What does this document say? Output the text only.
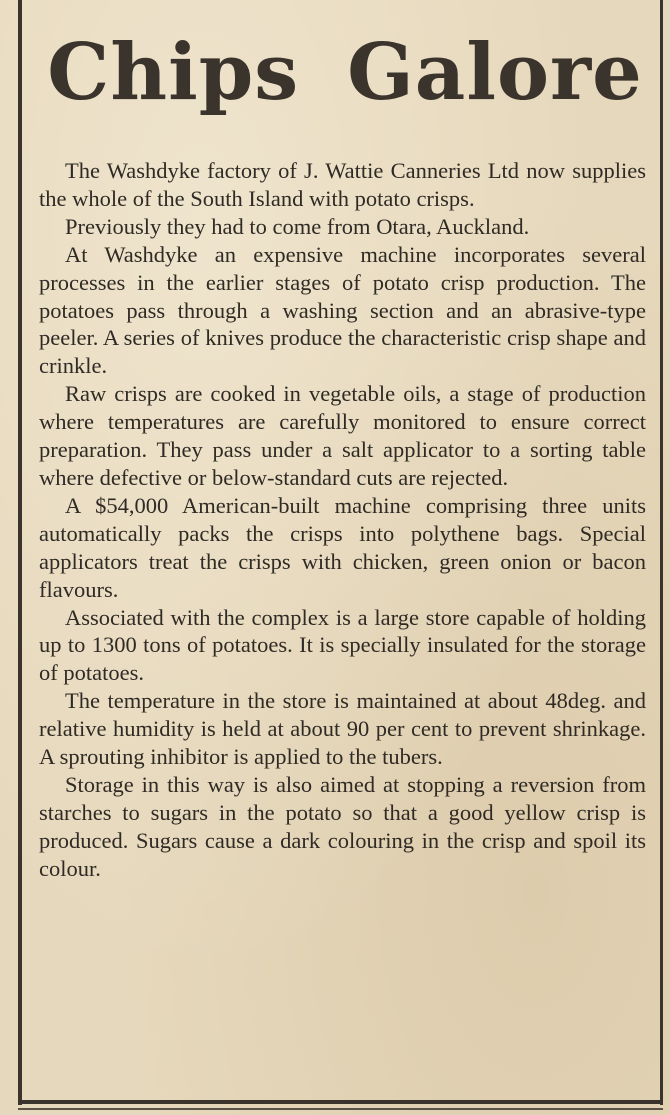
Chips Galore

The Washdyke factory of J. Wattie Canneries Ltd now supplies the whole of the South Island with potato crisps.

Previously they had to come from Otara, Auckland.

At Washdyke an expensive machine incorporates several processes in the earlier stages of potato crisp production. The potatoes pass through a washing section and an abrasive-type peeler. A series of knives produce the characteristic crisp shape and crinkle.

Raw crisps are cooked in vegetable oils, a stage of production where temperatures are carefully monitored to ensure correct preparation. They pass under a salt applicator to a sorting table where defective or below-standard cuts are rejected.

A $54,000 American-built machine comprising three units automatically packs the crisps into polythene bags. Special applicators treat the crisps with chicken, green onion or bacon flavours.

Associated with the complex is a large store capable of holding up to 1300 tons of potatoes. It is specially insulated for the storage of potatoes.

The temperature in the store is maintained at about 48deg. and relative humidity is held at about 90 per cent to prevent shrinkage. A sprouting inhibitor is applied to the tubers.

Storage in this way is also aimed at stopping a reversion from starches to sugars in the potato so that a good yellow crisp is produced. Sugars cause a dark colouring in the crisp and spoil its colour.
